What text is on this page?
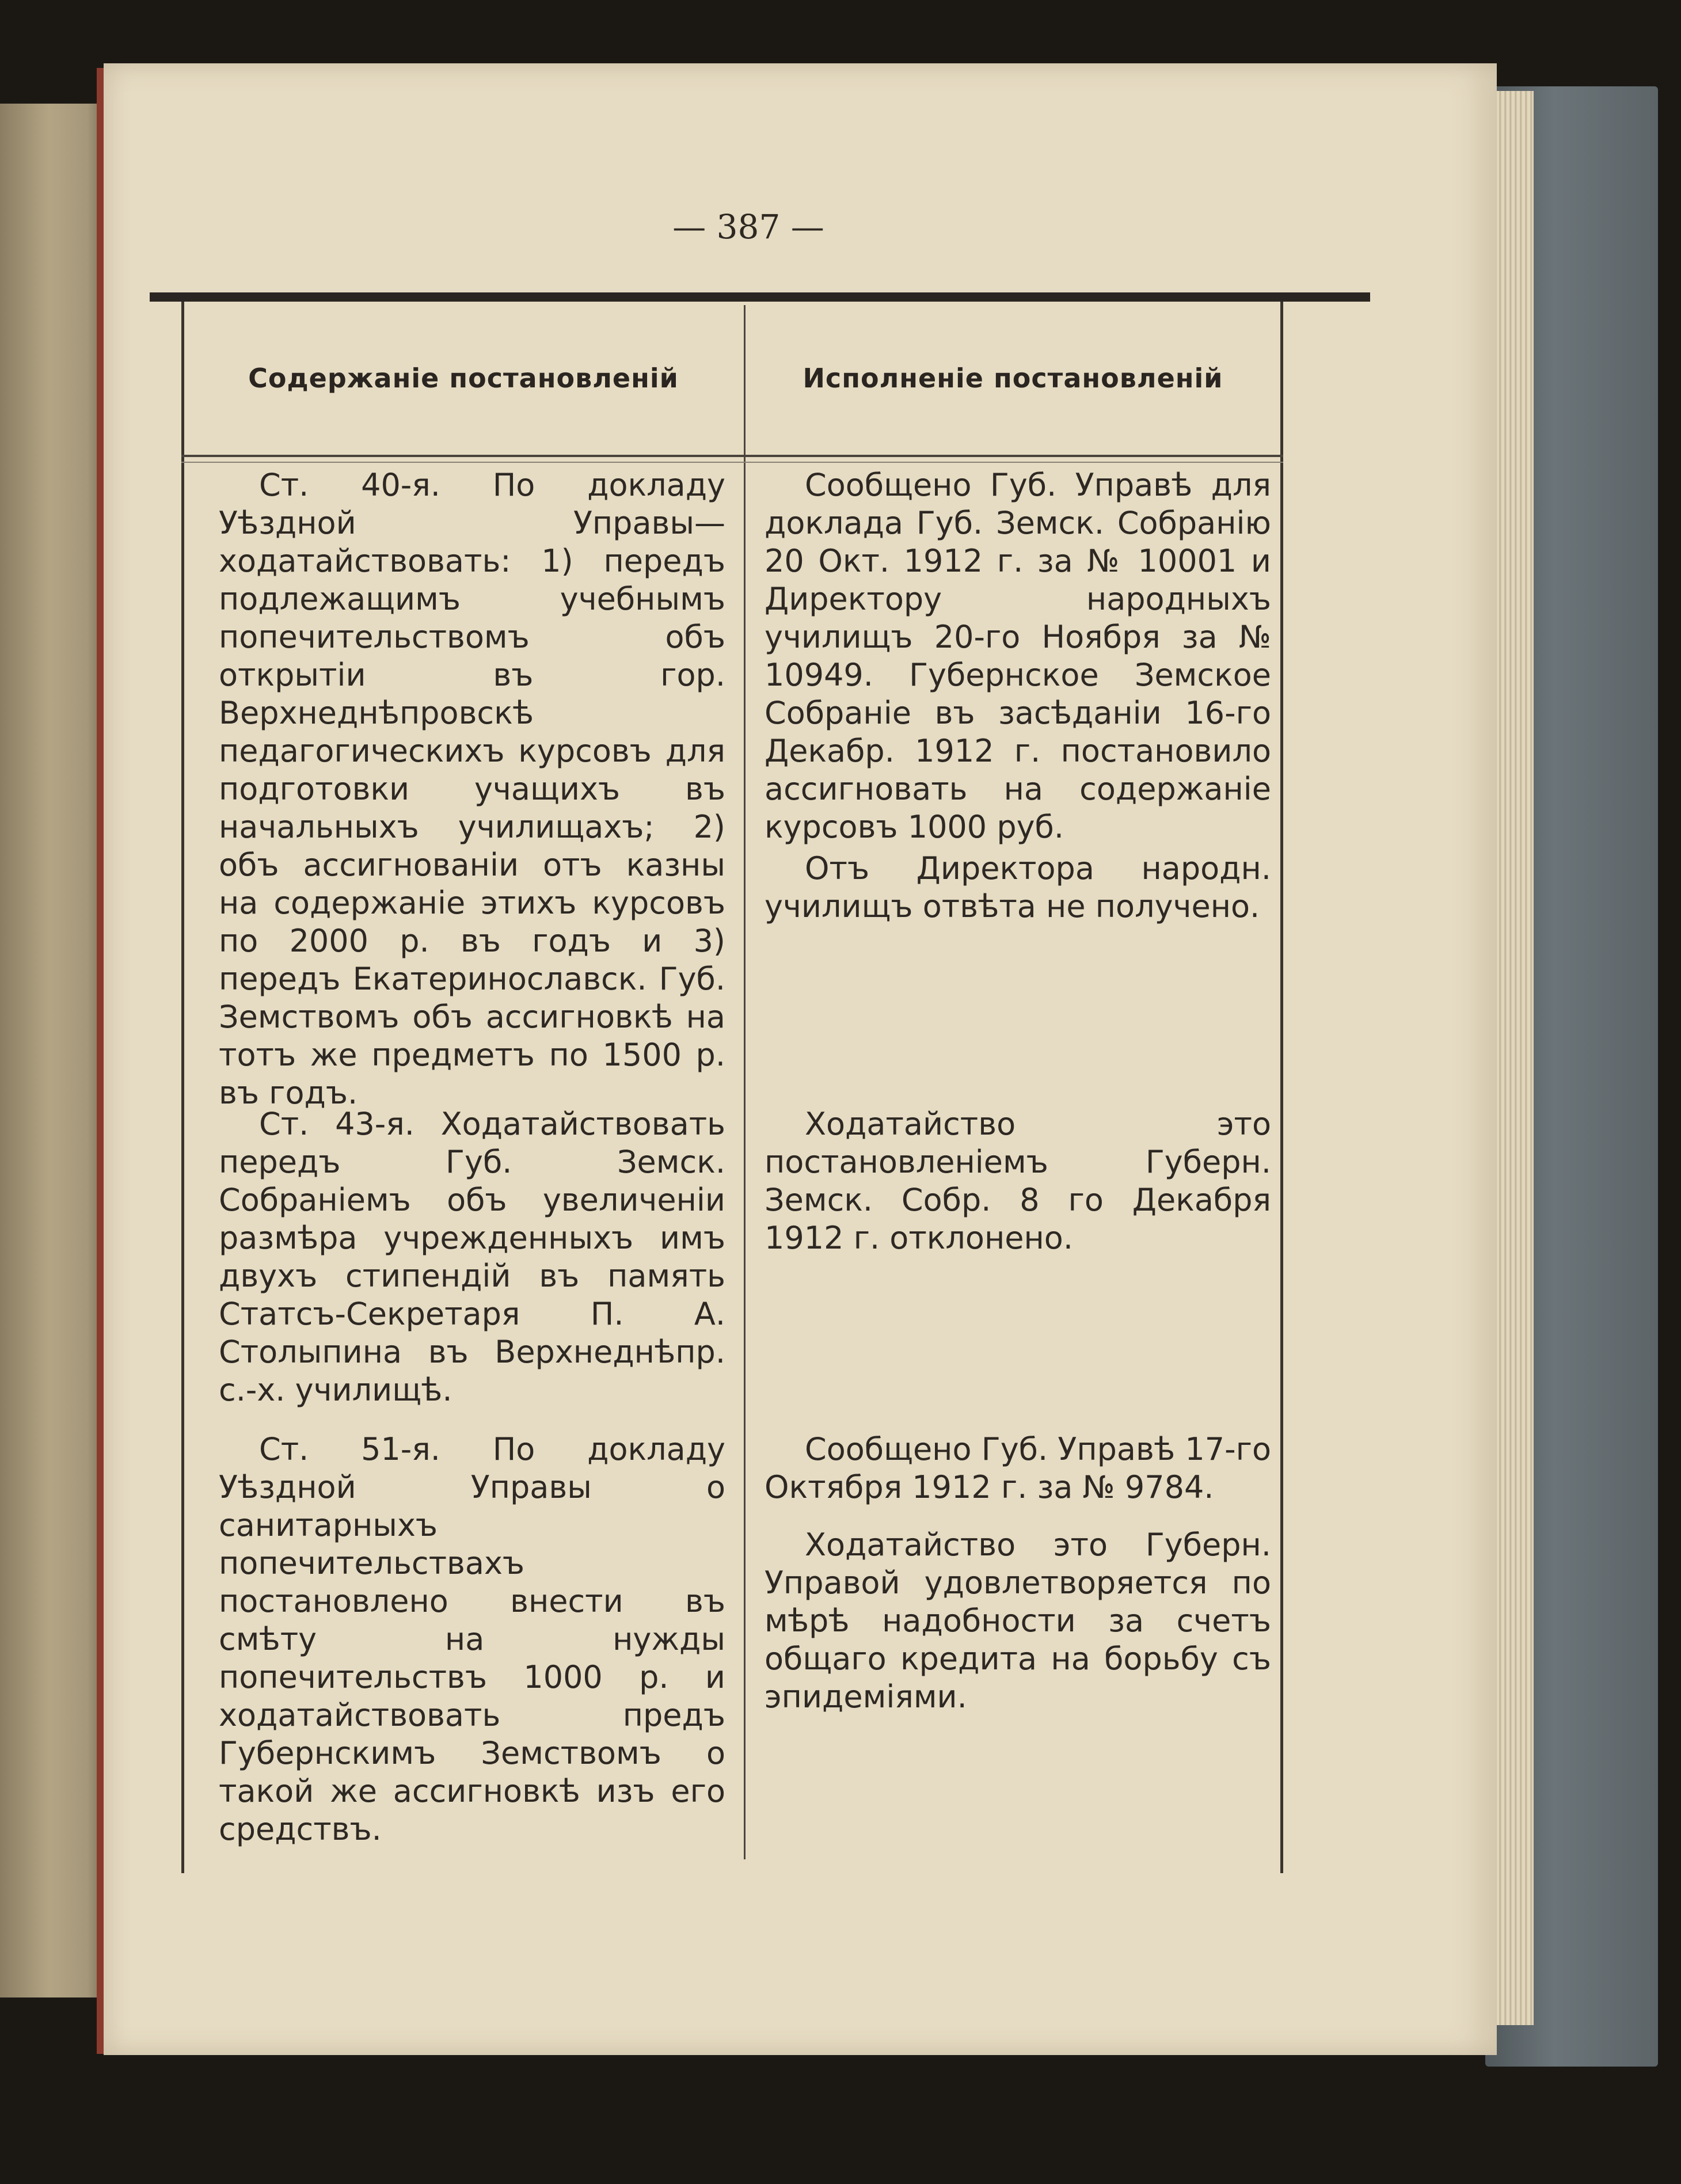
— 387 —
Содержаніе постановленій	Исполненіе постановленій

Ст. 40-я. По докладу Уѣздной Управы—ходатайствовать: 1) передъ подлежащимъ учебнымъ попечительствомъ объ открытіи въ гор. Верхнеднѣпровскѣ педагогическихъ курсовъ для подготовки учащихъ въ начальныхъ училищахъ; 2) объ ассигнованіи отъ казны на содержаніе этихъ курсовъ по 2000 р. въ годъ и 3) передъ Екатеринославск. Губ. Земствомъ объ ассигновкѣ на тотъ же предметъ по 1500 р. въ годъ.

Сообщено Губ. Управѣ для доклада Губ. Земск. Собранію 20 Окт. 1912 г. за № 10001 и Директору народныхъ училищъ 20-го Ноября за № 10949. Губернское Земское Собраніе въ засѣданіи 16-го Декабр. 1912 г. постановило ассигновать на содержаніе курсовъ 1000 руб.

Отъ Директора народн. училищъ отвѣта не получено.

Ст. 43-я. Ходатайствовать передъ Губ. Земск. Собраніемъ объ увеличеніи размѣра учрежденныхъ имъ двухъ стипендій въ память Статсъ-Секретаря П. А. Столыпина въ Верхнеднѣпр. с.-х. училищѣ.

Ходатайство это постановленіемъ Губерн. Земск. Собр. 8 го Декабря 1912 г. отклонено.

Ст. 51-я. По докладу Уѣздной Управы о санитарныхъ попечительствахъ постановлено внести въ смѣту на нужды попечительствъ 1000 р. и ходатайствовать предъ Губернскимъ Земствомъ о такой же ассигновкѣ изъ его средствъ.

Сообщено Губ. Управѣ 17-го Октября 1912 г. за № 9784.

Ходатайство это Губерн. Управой удовлетворяется по мѣрѣ надобности за счетъ общаго кредита на борьбу съ эпидеміями.
